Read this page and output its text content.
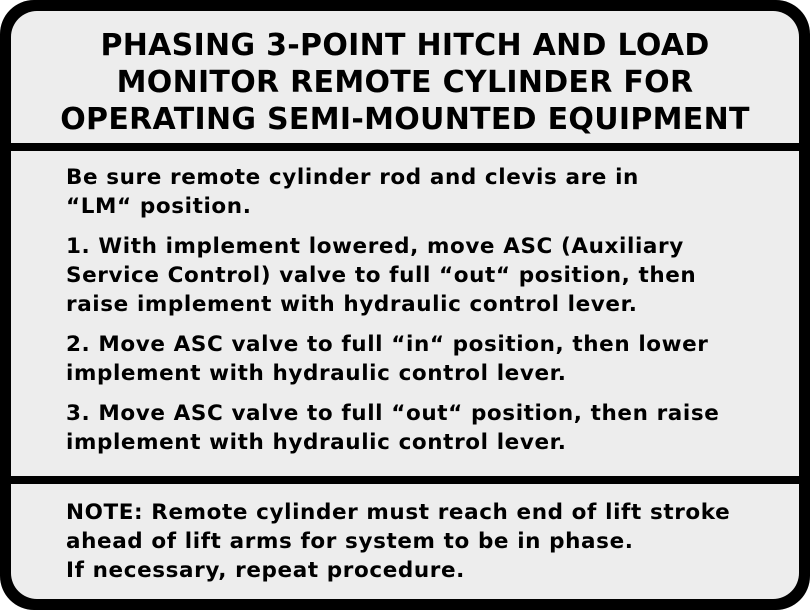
PHASING 3-POINT HITCH AND LOAD
MONITOR REMOTE CYLINDER FOR
OPERATING SEMI-MOUNTED EQUIPMENT
Be sure remote cylinder rod and clevis are in
“LM“ position.
1. With implement lowered, move ASC (Auxiliary
Service Control) valve to full “out“ position, then
raise implement with hydraulic control lever.
2. Move ASC valve to full “in“ position, then lower
implement with hydraulic control lever.
3. Move ASC valve to full “out“ position, then raise
implement with hydraulic control lever.
NOTE: Remote cylinder must reach end of lift stroke
ahead of lift arms for system to be in phase.
If necessary, repeat procedure.
